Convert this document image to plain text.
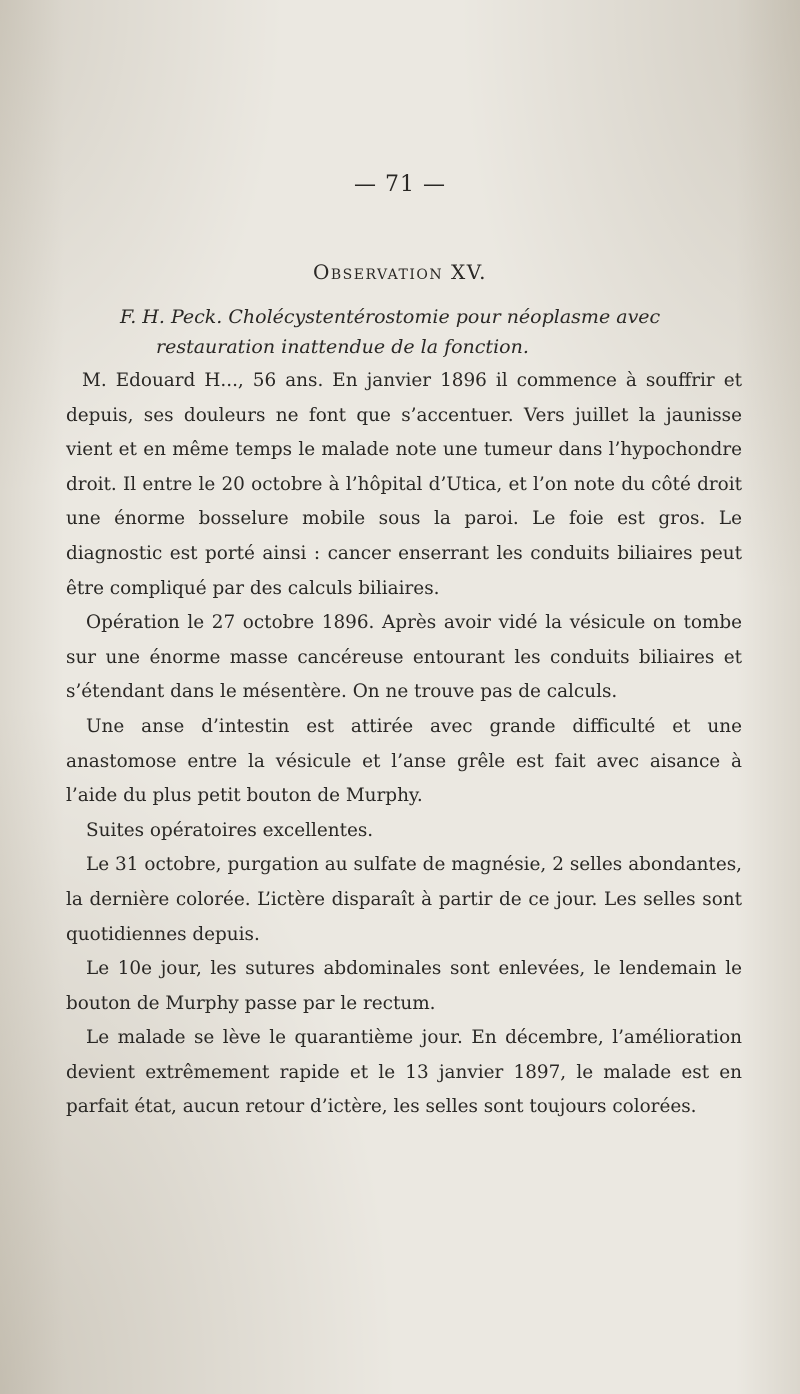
— 71 —

Observation XV.

F. H. Peck. Cholécystentérostomie pour néoplasme avec
restauration inattendue de la fonction.

M. Edouard H..., 56 ans. En janvier 1896 il commence à souffrir et depuis, ses douleurs ne font que s’accentuer. Vers juillet la jaunisse vient et en même temps le malade note une tumeur dans l’hypochondre droit. Il entre le 20 octobre à l’hôpital d’Utica, et l’on note du côté droit une énorme bosselure mobile sous la paroi. Le foie est gros. Le diagnostic est porté ainsi : cancer enserrant les conduits biliaires peut être compliqué par des calculs biliaires.

Opération le 27 octobre 1896. Après avoir vidé la vésicule on tombe sur une énorme masse cancéreuse entourant les conduits biliaires et s’étendant dans le mésentère. On ne trouve pas de calculs.

Une anse d’intestin est attirée avec grande difficulté et une anastomose entre la vésicule et l’anse grêle est fait avec aisance à l’aide du plus petit bouton de Murphy.

Suites opératoires excellentes.

Le 31 octobre, purgation au sulfate de magnésie, 2 selles abondantes, la dernière colorée. L’ictère disparaît à partir de ce jour. Les selles sont quotidiennes depuis.

Le 10e jour, les sutures abdominales sont enlevées, le lendemain le bouton de Murphy passe par le rectum.

Le malade se lève le quarantième jour. En décembre, l’amélioration devient extrêmement rapide et le 13 janvier 1897, le malade est en parfait état, aucun retour d’ictère, les selles sont toujours colorées.
